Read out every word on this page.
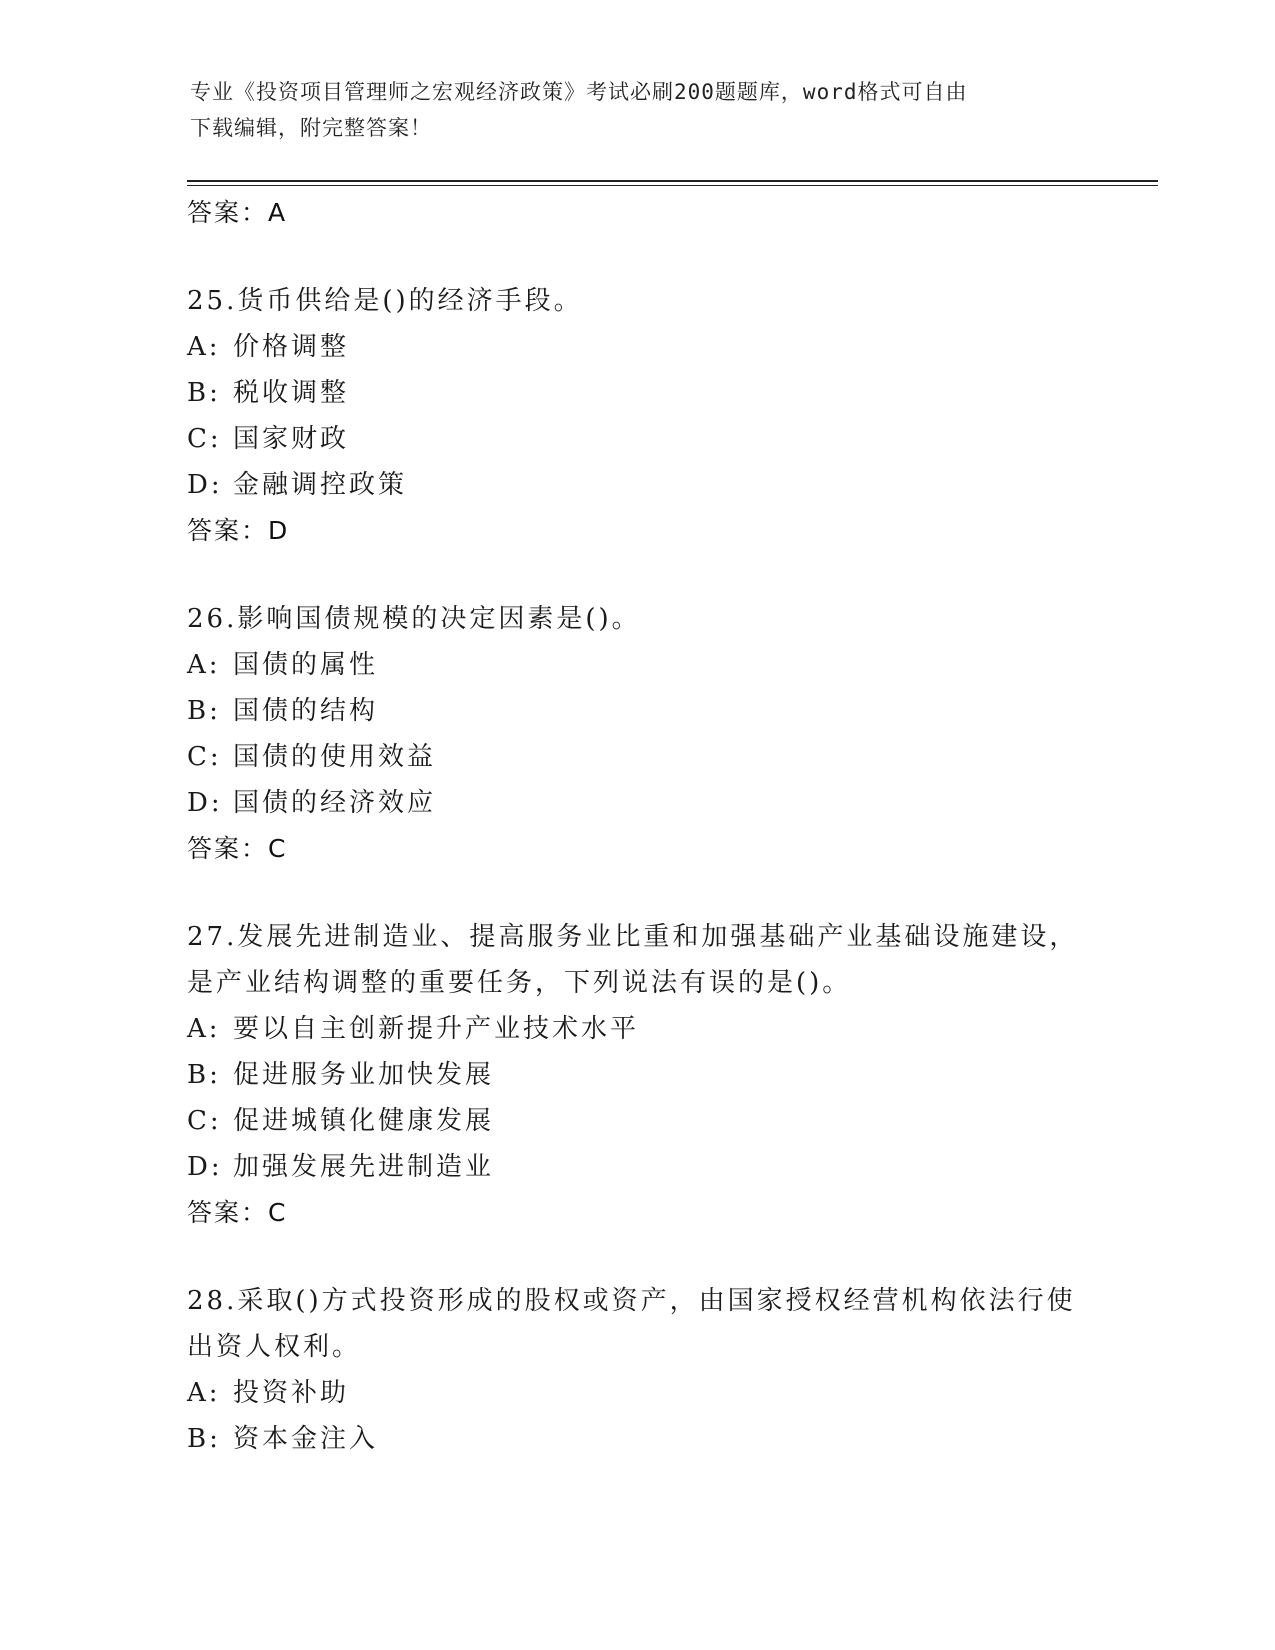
专业《投资项目管理师之宏观经济政策》考试必刷200题题库，word格式可自由
下载编辑，附完整答案！
答案：A
25.货币供给是()的经济手段。
A: 价格调整
B: 税收调整
C: 国家财政
D: 金融调控政策
答案：D
26.影响国债规模的决定因素是()。
A: 国债的属性
B: 国债的结构
C: 国债的使用效益
D: 国债的经济效应
答案：C
27.发展先进制造业、提高服务业比重和加强基础产业基础设施建设，
是产业结构调整的重要任务，下列说法有误的是()。
A: 要以自主创新提升产业技术水平
B: 促进服务业加快发展
C: 促进城镇化健康发展
D: 加强发展先进制造业
答案：C
28.采取()方式投资形成的股权或资产，由国家授权经营机构依法行使
出资人权利。
A: 投资补助
B: 资本金注入
